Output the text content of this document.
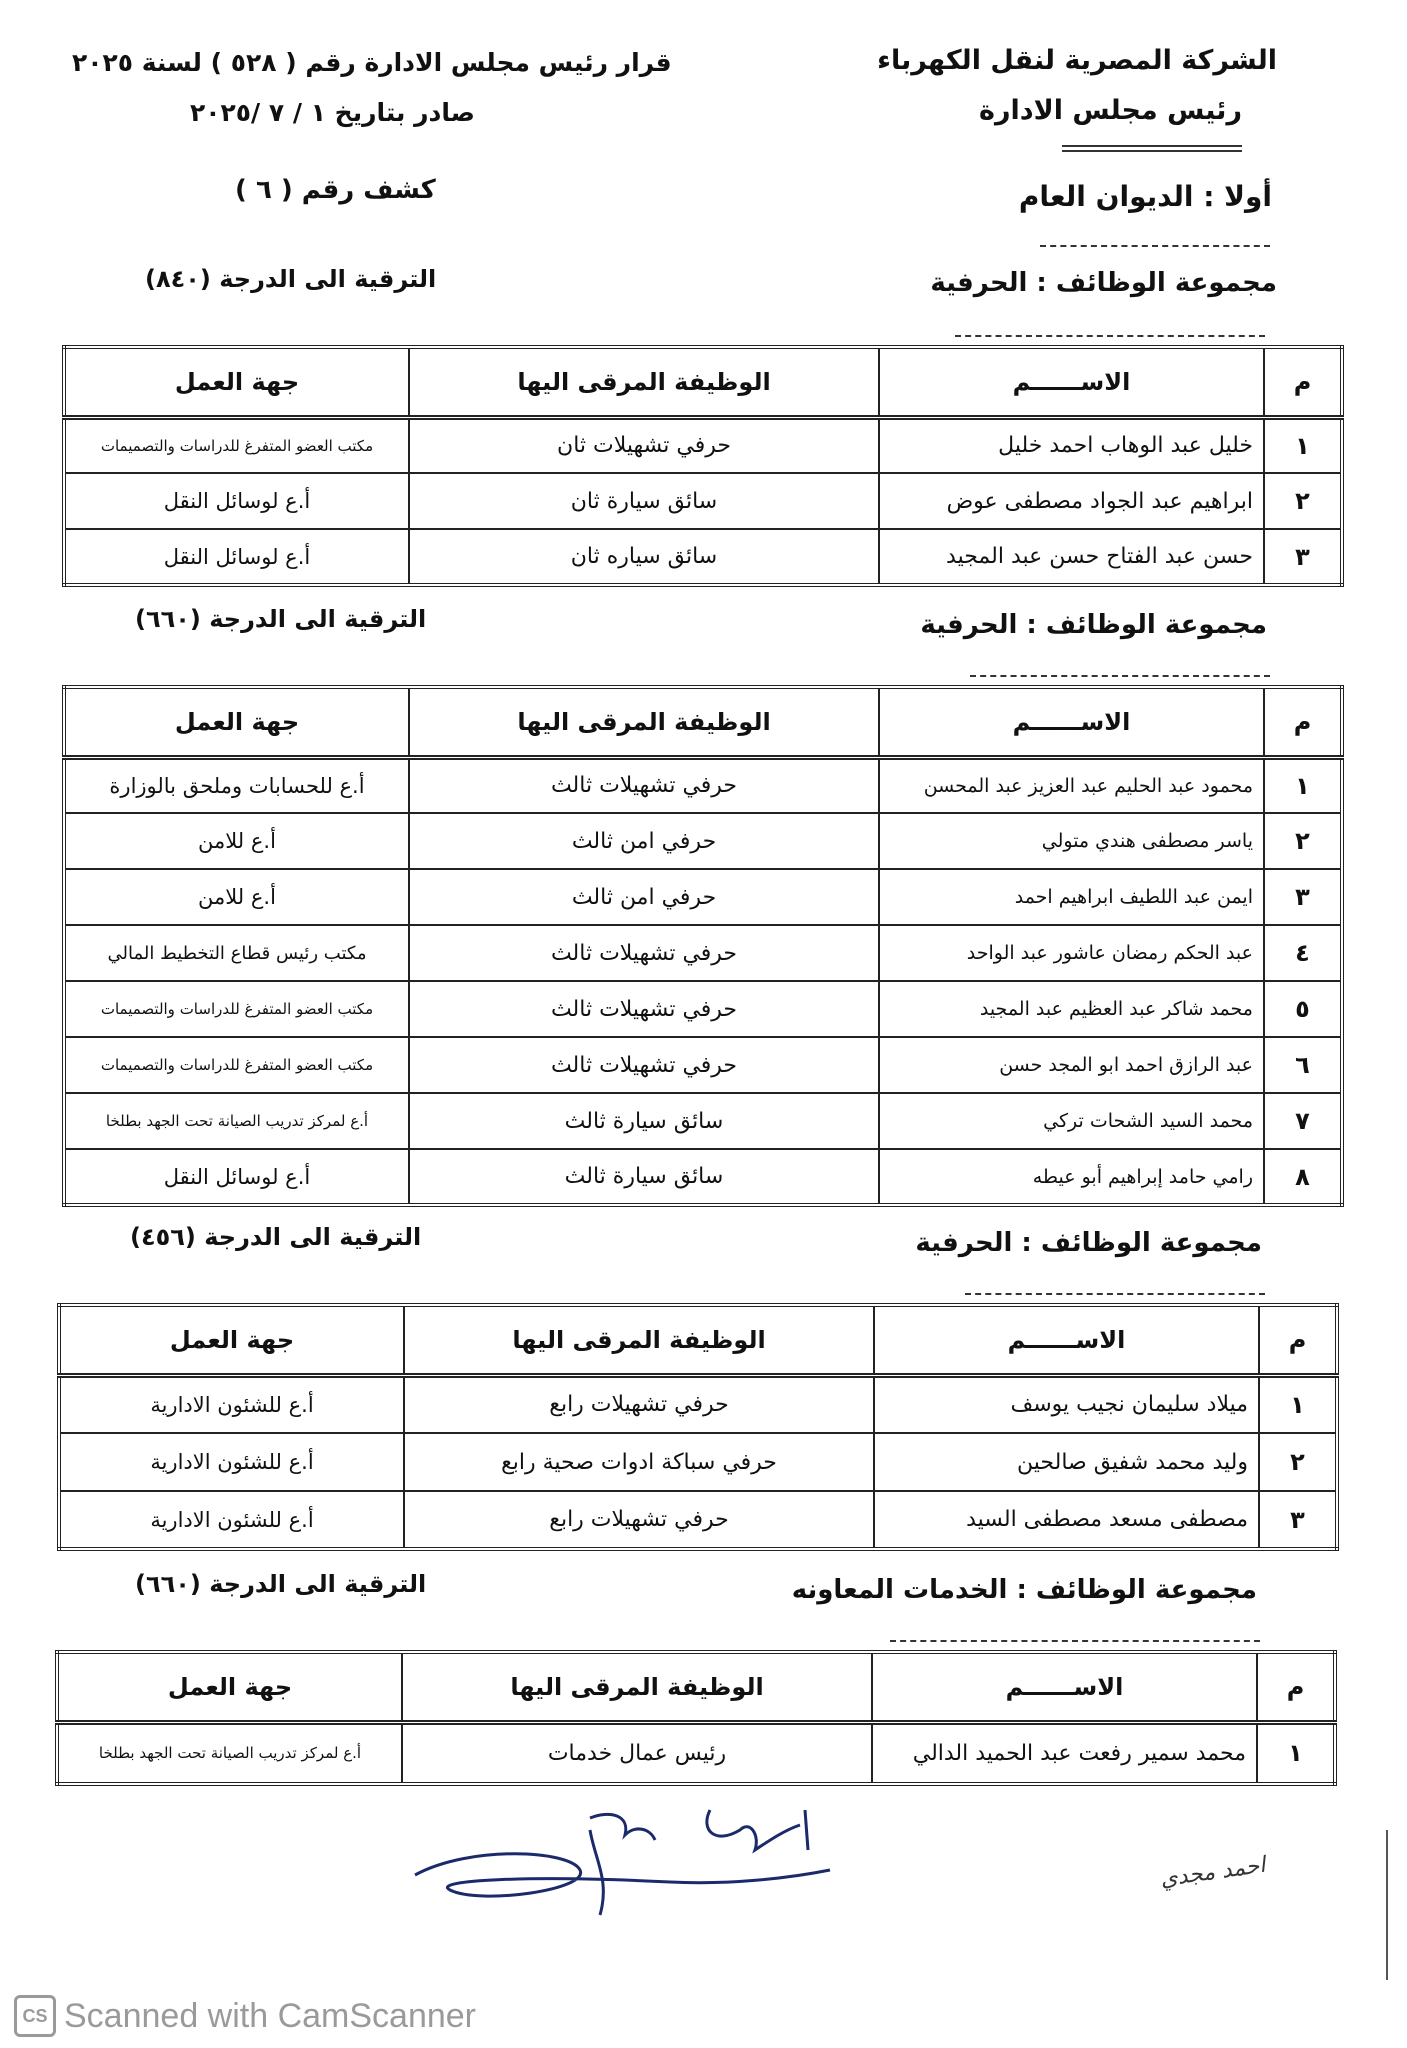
الشركة المصرية لنقل الكهرباء
رئيس مجلس الادارة
أولا : الديوان العام
قرار رئيس مجلس الادارة رقم ( ٥٢٨ ) لسنة ٢٠٢٥
صادر بتاريخ ١ / ٧ /٢٠٢٥
كشف رقم ( ٦ )
مجموعة الوظائف : الحرفية
الترقية الى الدرجة (٨٤٠)
م	الاســــــم	الوظيفة المرقى اليها	جهة العمل
١	خليل عبد الوهاب احمد خليل	حرفي تشهيلات ثان	مكتب العضو المتفرغ للدراسات والتصميمات
٢	ابراهيم عبد الجواد مصطفى عوض	سائق سيارة ثان	أ.ع لوسائل النقل
٣	حسن عبد الفتاح حسن عبد المجيد	سائق سياره ثان	أ.ع لوسائل النقل
مجموعة الوظائف : الحرفية
الترقية الى الدرجة (٦٦٠)
م	الاســــــم	الوظيفة المرقى اليها	جهة العمل
١	محمود عبد الحليم عبد العزيز عبد المحسن	حرفي تشهيلات ثالث	أ.ع للحسابات وملحق بالوزارة
٢	ياسر مصطفى هندي متولي	حرفي امن ثالث	أ.ع للامن
٣	ايمن عبد اللطيف ابراهيم احمد	حرفي امن ثالث	أ.ع للامن
٤	عبد الحكم رمضان عاشور عبد الواحد	حرفي تشهيلات ثالث	مكتب رئيس قطاع التخطيط المالي
٥	محمد شاكر عبد العظيم عبد المجيد	حرفي تشهيلات ثالث	مكتب العضو المتفرغ للدراسات والتصميمات
٦	عبد الرازق احمد ابو المجد حسن	حرفي تشهيلات ثالث	مكتب العضو المتفرغ للدراسات والتصميمات
٧	محمد السيد الشحات تركي	سائق سيارة ثالث	أ.ع لمركز تدريب الصيانة تحت الجهد بطلخا
٨	رامي حامد إبراهيم أبو عيطه	سائق سيارة ثالث	أ.ع لوسائل النقل
مجموعة الوظائف : الحرفية
الترقية الى الدرجة (٤٥٦)
م	الاســــــم	الوظيفة المرقى اليها	جهة العمل
١	ميلاد سليمان نجيب يوسف	حرفي تشهيلات رابع	أ.ع للشئون الادارية
٢	وليد محمد شفيق صالحين	حرفي سباكة ادوات صحية رابع	أ.ع للشئون الادارية
٣	مصطفى مسعد مصطفى السيد	حرفي تشهيلات رابع	أ.ع للشئون الادارية
مجموعة الوظائف : الخدمات المعاونه
الترقية الى الدرجة (٦٦٠)
م	الاســــــم	الوظيفة المرقى اليها	جهة العمل
١	محمد سمير رفعت عبد الحميد الدالي	رئيس عمال خدمات	أ.ع لمركز تدريب الصيانة تحت الجهد بطلخا
احمد مجدي
CS Scanned with CamScanner
